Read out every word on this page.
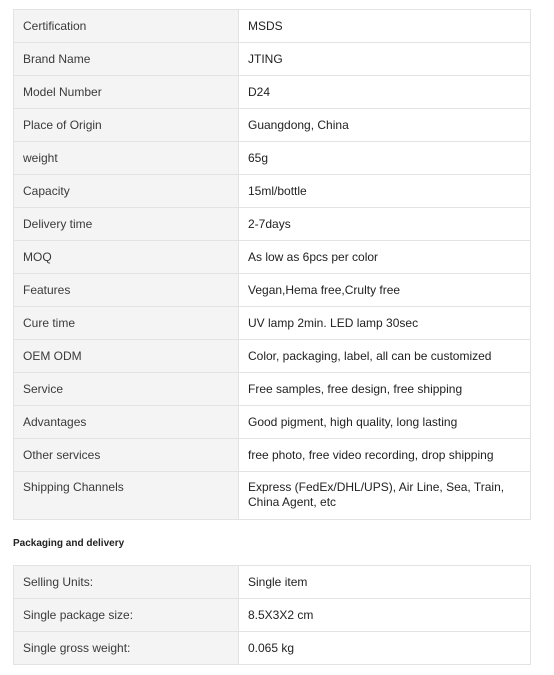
Certification	MSDS
Brand Name	JTING
Model Number	D24
Place of Origin	Guangdong, China
weight	65g
Capacity	15ml/bottle
Delivery time	2-7days
MOQ	As low as 6pcs per color
Features	Vegan,Hema free,Crulty free
Cure time	UV lamp 2min. LED lamp 30sec
OEM ODM	Color, packaging, label, all can be customized
Service	Free samples, free design, free shipping
Advantages	Good pigment, high quality, long lasting
Other services	free photo, free video recording, drop shipping
Shipping Channels	Express (FedEx/DHL/UPS), Air Line, Sea, Train, China Agent, etc
Packaging and delivery
Selling Units:	Single item
Single package size:	8.5X3X2 cm
Single gross weight:	0.065 kg
